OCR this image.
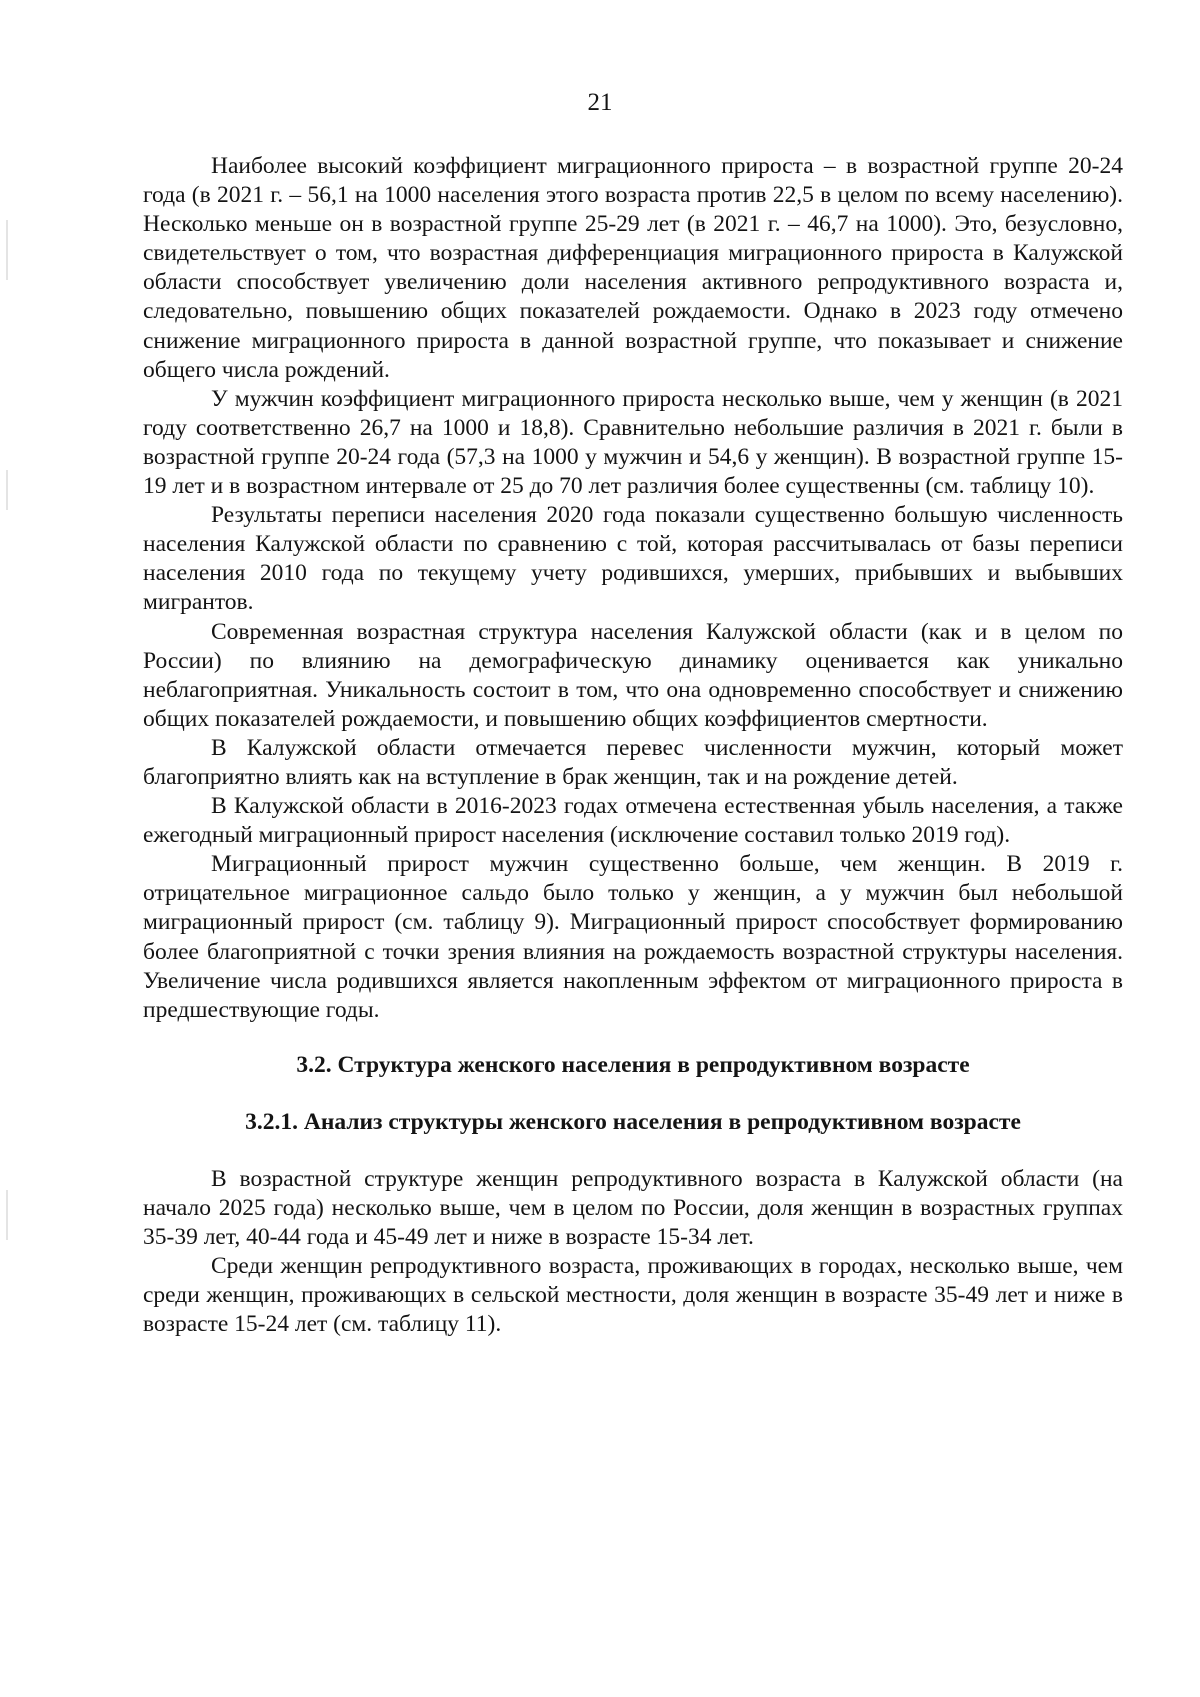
21

Наиболее высокий коэффициент миграционного прироста – в возрастной группе 20-24 года (в 2021 г. – 56,1 на 1000 населения этого возраста против 22,5 в целом по всему населению). Несколько меньше он в возрастной группе 25-29 лет (в 2021 г. – 46,7 на 1000). Это, безусловно, свидетельствует о том, что возрастная дифференциация миграционного прироста в Калужской области способствует увеличению доли населения активного репродуктивного возраста и, следовательно, повышению общих показателей рождаемости. Однако в 2023 году отмечено снижение миграционного прироста в данной возрастной группе, что показывает и снижение общего числа рождений.

У мужчин коэффициент миграционного прироста несколько выше, чем у женщин (в 2021 году соответственно 26,7 на 1000 и 18,8). Сравнительно небольшие различия в 2021 г. были в возрастной группе 20-24 года (57,3 на 1000 у мужчин и 54,6 у женщин). В возрастной группе 15-19 лет и в возрастном интервале от 25 до 70 лет различия более существенны (см. таблицу 10).

Результаты переписи населения 2020 года показали существенно большую численность населения Калужской области по сравнению с той, которая рассчитывалась от базы переписи населения 2010 года по текущему учету родившихся, умерших, прибывших и выбывших мигрантов.

Современная возрастная структура населения Калужской области (как и в целом по России) по влиянию на демографическую динамику оценивается как уникально неблагоприятная. Уникальность состоит в том, что она одновременно способствует и снижению общих показателей рождаемости, и повышению общих коэффициентов смертности.

В Калужской области отмечается перевес численности мужчин, который может благоприятно влиять как на вступление в брак женщин, так и на рождение детей.

В Калужской области в 2016-2023 годах отмечена естественная убыль населения, а также ежегодный миграционный прирост населения (исключение составил только 2019 год).

Миграционный прирост мужчин существенно больше, чем женщин. В 2019 г. отрицательное миграционное сальдо было только у женщин, а у мужчин был небольшой миграционный прирост (см. таблицу 9). Миграционный прирост способствует формированию более благоприятной с точки зрения влияния на рождаемость возрастной структуры населения. Увеличение числа родившихся является накопленным эффектом от миграционного прироста в предшествующие годы.

3.2. Структура женского населения в репродуктивном возрасте

3.2.1. Анализ структуры женского населения в репродуктивном возрасте

В возрастной структуре женщин репродуктивного возраста в Калужской области (на начало 2025 года) несколько выше, чем в целом по России, доля женщин в возрастных группах 35-39 лет, 40-44 года и 45-49 лет и ниже в возрасте 15-34 лет.

Среди женщин репродуктивного возраста, проживающих в городах, несколько выше, чем среди женщин, проживающих в сельской местности, доля женщин в возрасте 35-49 лет и ниже в возрасте 15-24 лет (см. таблицу 11).
